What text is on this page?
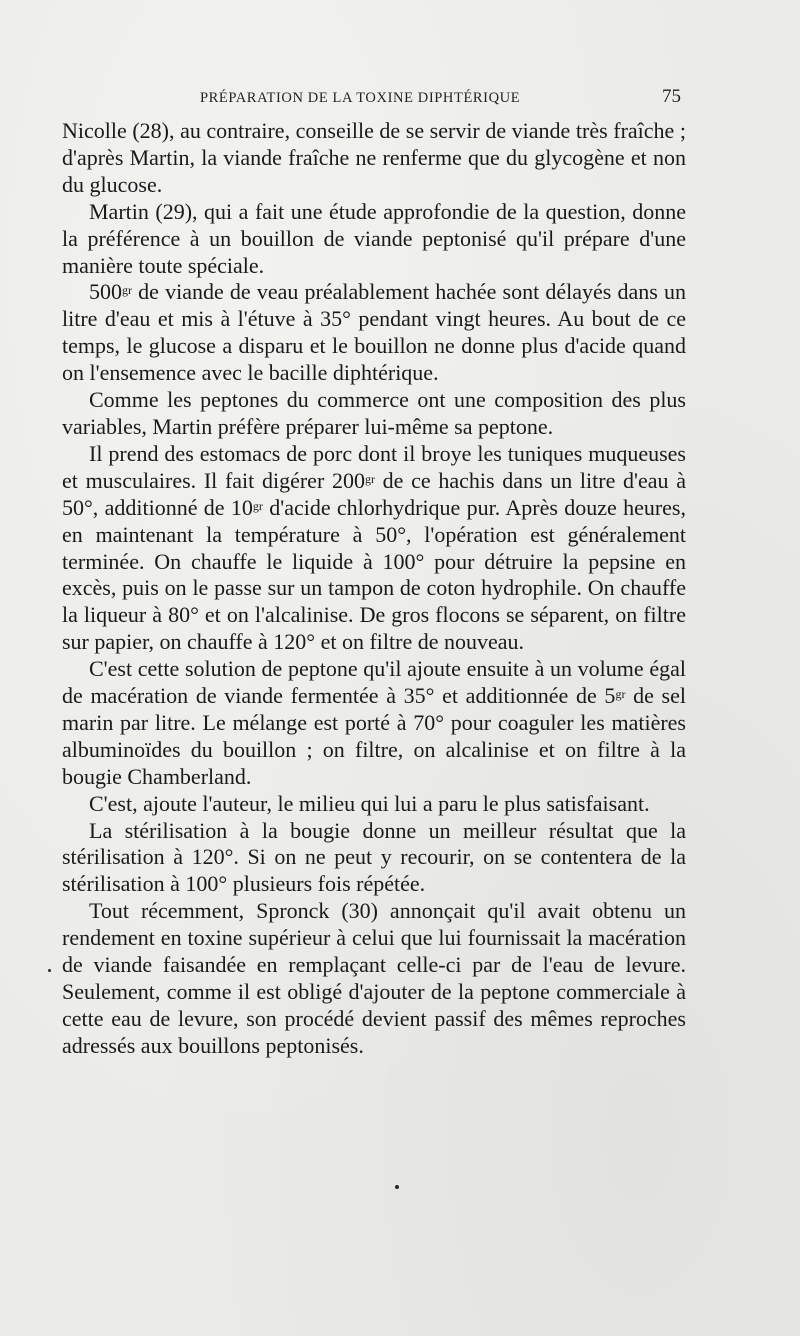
PRÉPARATION DE LA TOXINE DIPHTÉRIQUE	75

Nicolle (28), au contraire, conseille de se servir de viande très fraîche ; d'après Martin, la viande fraîche ne renferme que du glycogène et non du glucose.

Martin (29), qui a fait une étude approfondie de la question, donne la préférence à un bouillon de viande peptonisé qu'il prépare d'une manière toute spéciale.

$500^{gr}$ de viande de veau préalablement hachée sont délayés dans un litre d'eau et mis à l'étuve à 35° pendant vingt heures. Au bout de ce temps, le glucose a disparu et le bouillon ne donne plus d'acide quand on l'ensemence avec le bacille diphtérique.

Comme les peptones du commerce ont une composition des plus variables, Martin préfère préparer lui-même sa peptone.

Il prend des estomacs de porc dont il broye les tuniques muqueuses et musculaires. Il fait digérer $200^{gr}$ de ce hachis dans un litre d'eau à 50°, additionné de $10^{gr}$ d'acide chlorhydrique pur. Après douze heures, en maintenant la température à 50°, l'opération est généralement terminée. On chauffe le liquide à 100° pour détruire la pepsine en excès, puis on le passe sur un tampon de coton hydrophile. On chauffe la liqueur à 80° et on l'alcalinise. De gros flocons se séparent, on filtre sur papier, on chauffe à 120° et on filtre de nouveau.

C'est cette solution de peptone qu'il ajoute ensuite à un volume égal de macération de viande fermentée à 35° et additionnée de $5^{gr}$ de sel marin par litre. Le mélange est porté à 70° pour coaguler les matières albuminoïdes du bouillon ; on filtre, on alcalinise et on filtre à la bougie Chamberland.

C'est, ajoute l'auteur, le milieu qui lui a paru le plus satisfaisant.

La stérilisation à la bougie donne un meilleur résultat que la stérilisation à 120°. Si on ne peut y recourir, on se contentera de la stérilisation à 100° plusieurs fois répétée.

Tout récemment, Spronck (30) annonçait qu'il avait obtenu un rendement en toxine supérieur à celui que lui fournissait la macération de viande faisandée en remplaçant celle-ci par de l'eau de levure. Seulement, comme il est obligé d'ajouter de la peptone commerciale à cette eau de levure, son procédé devient passif des mêmes reproches adressés aux bouillons peptonisés.
